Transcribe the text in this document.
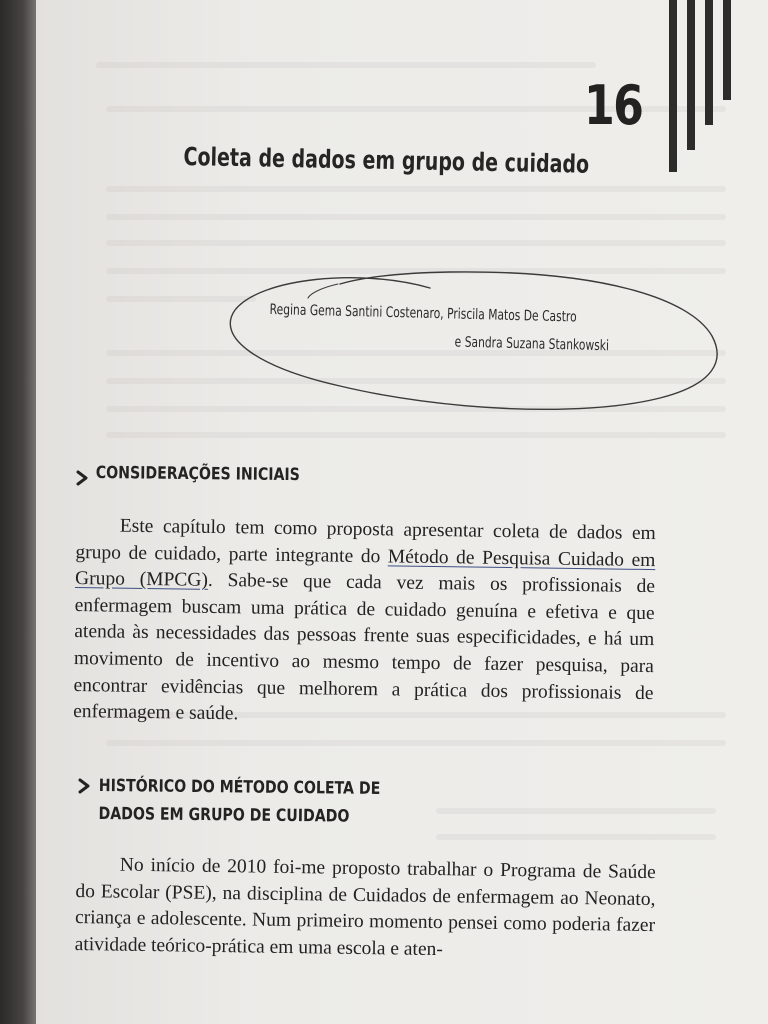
16
Coleta de dados em grupo de cuidado
Regina Gema Santini Costenaro, Priscila Matos De Castro
e Sandra Suzana Stankowski
CONSIDERAÇÕES INICIAIS

Este capítulo tem como proposta apresentar coleta de dados em grupo de cuidado, parte integrante do Método de Pesquisa Cuidado em Grupo (MPCG). Sabe-se que cada vez mais os profissionais de enfermagem buscam uma prática de cuidado genuína e efetiva e que atenda às necessidades das pessoas frente suas especificidades, e há um movimento de incentivo ao mesmo tempo de fazer pesquisa, para encontrar evidências que melhorem a prática dos profissionais de enfermagem e saúde.

HISTÓRICO DO MÉTODO COLETA DE
DADOS EM GRUPO DE CUIDADO

No início de 2010 foi-me proposto trabalhar o Programa de Saúde do Escolar (PSE), na disciplina de Cuidados de enfermagem ao Neonato, criança e adolescente. Num primeiro momento pensei como poderia fazer atividade teórico-prática em uma escola e aten-
